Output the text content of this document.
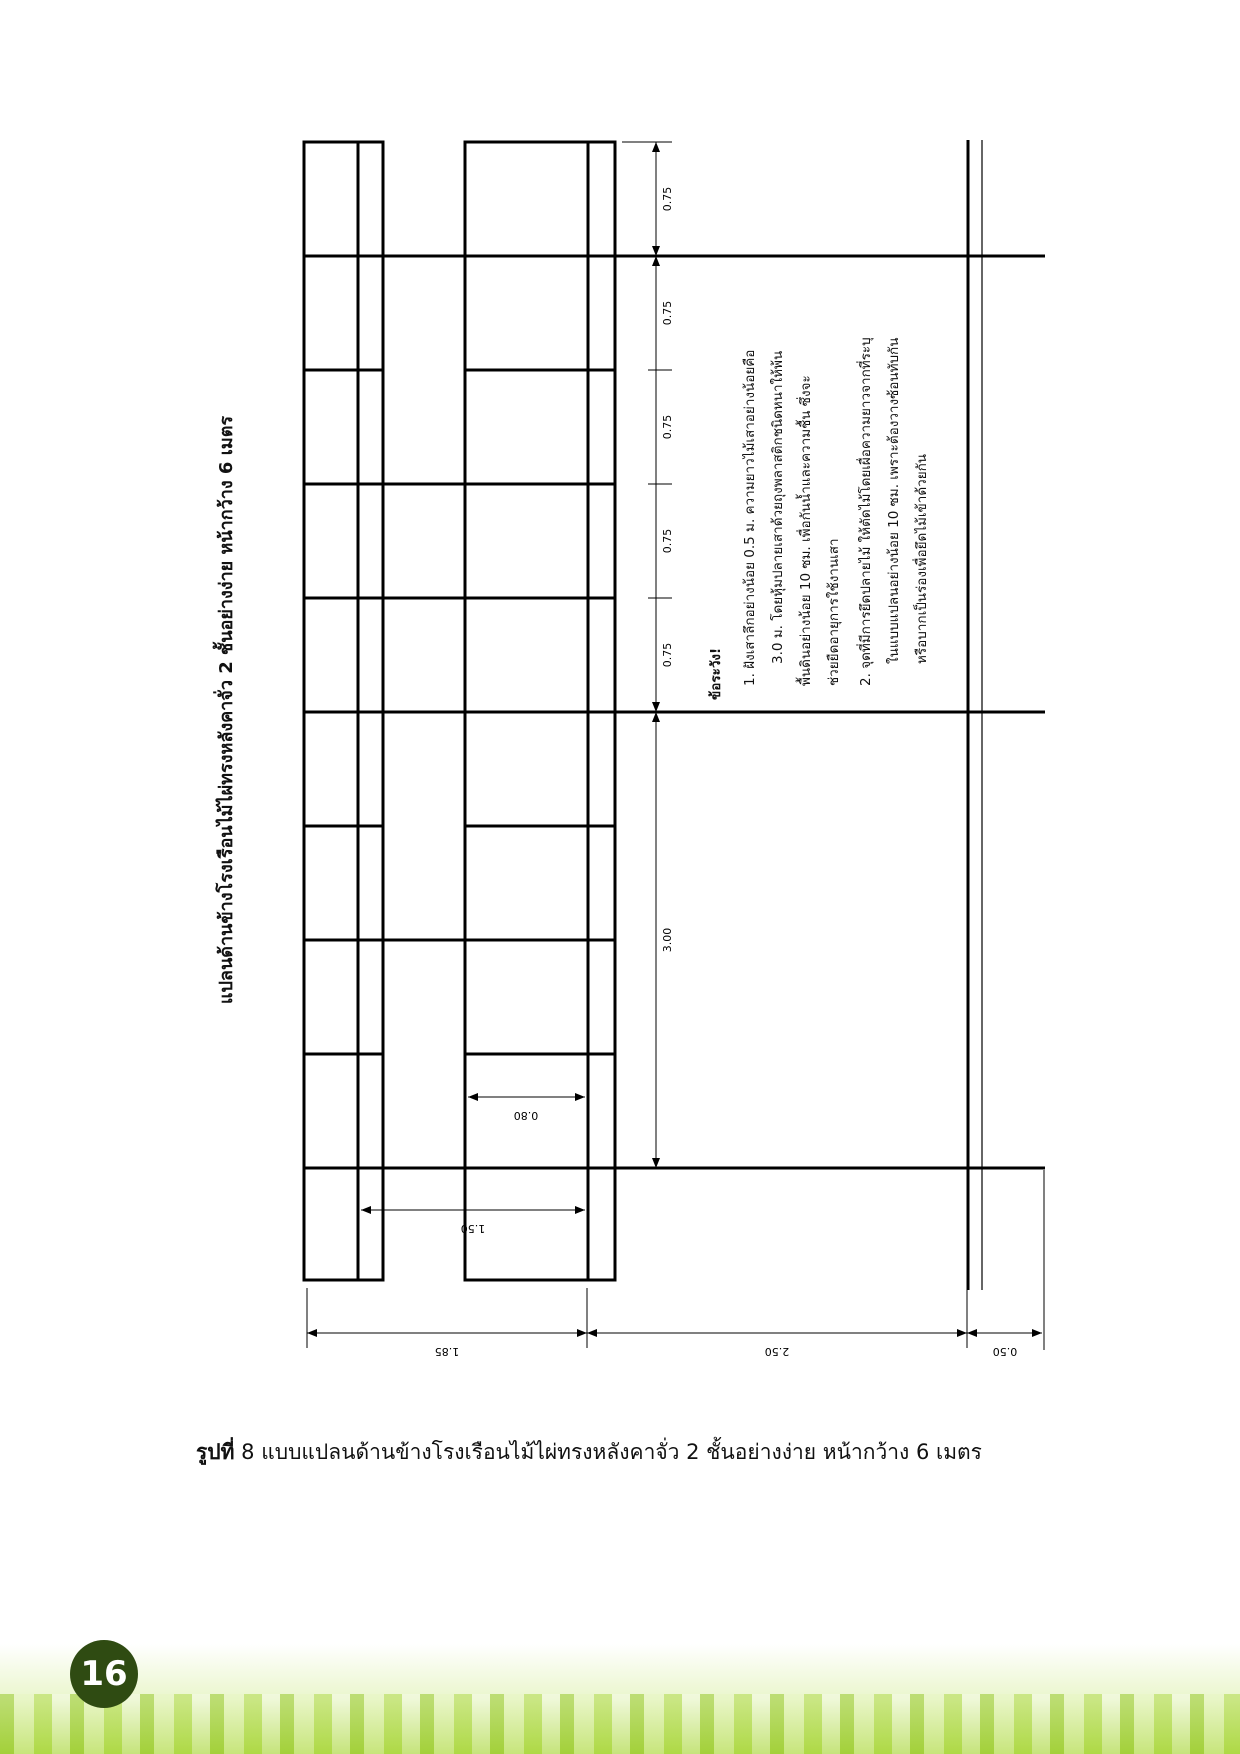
แปลนด้านข้างโรงเรือนไม้ไผ่ทรงหลังคาจั่ว 2 ชั้นอย่างง่าย หน้ากว้าง 6 เมตร
0.75
0.75
0.75
0.75
0.75
3.00
0.80
1.50
1.85	2.50	0.50
ข้อระวัง! 1. ฝังเสาลึกอย่างน้อย 0.5 ม. ความยาวไม้เสาอย่างน้อยคือ 3.0 ม. โดยหุ้มปลายเสาด้วยถุงพลาสติกชนิดหนาให้พ้น พื้นดินอย่างน้อย 10 ซม. เพื่อกันน้ำและความชื้น ซึ่งจะ ช่วยยืดอายุการใช้งานเสา 2. จุดที่มีการยึดปลายไม้ ให้ตัดไม้โดยเผื่อความยาวจากที่ระบุ ในแบบแปลนอย่างน้อย 10 ซม. เพราะต้องวางซ้อนทับกัน หรือบากเป็นร่องเพื่อยึดไม้เข้าด้วยกัน
รูปที่ 8 แบบแปลนด้านข้างโรงเรือนไม้ไผ่ทรงหลังคาจั่ว 2 ชั้นอย่างง่าย หน้ากว้าง 6 เมตร
16
